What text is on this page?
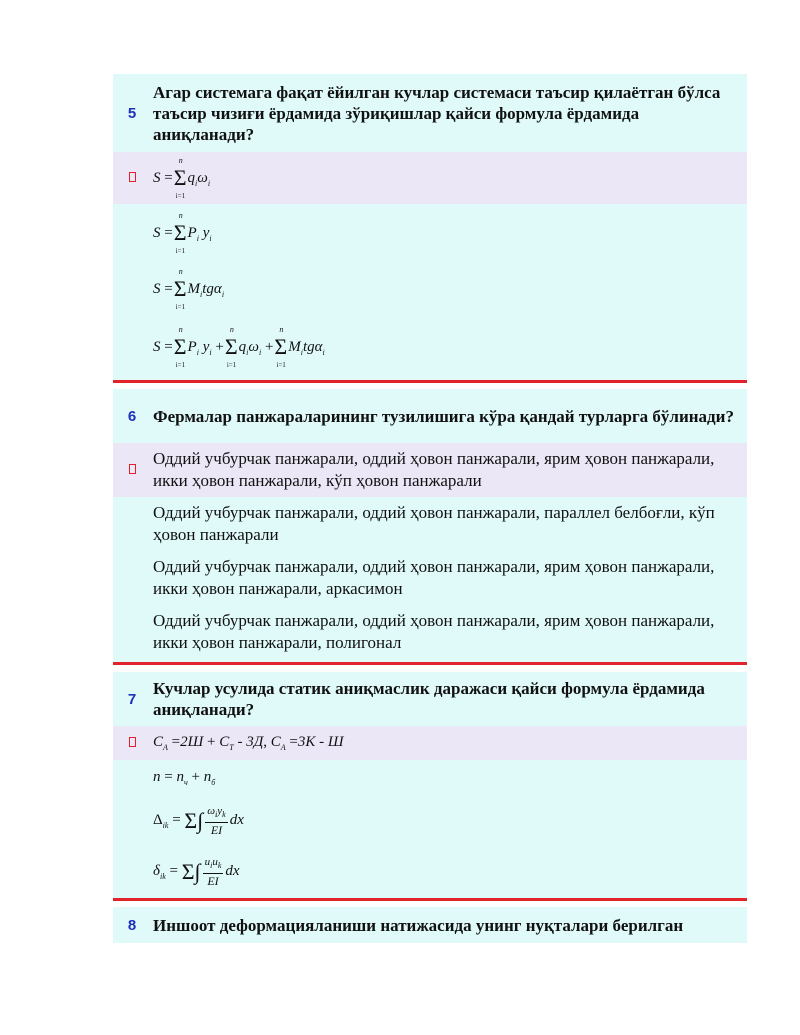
5
Агар системага фақат ёйилган кучлар системаси таъсир қилаётган бўлса таъсир чизиғи ёрдамида зўриқишлар қайси формула ёрдамида аниқланади?
S =Σ
n
i=1
$q_i\omega_i$
S =Σ
n
i=1
$P_i$ $y_i$
S =Σ
n
i=1
$M_itg\alpha_i$
S =Σ
n
i=1
$P_i$ $y_i +\Sigma$
n
i=1
$q_i\omega_i +\Sigma$
n
i=1
$M_itg\alpha_i$
6 Фермалар панжараларининг тузилишига кўра қандай турларга бўлинади?
Оддий учбурчак панжарали, оддий ҳовон панжарали, ярим ҳовон панжарали, икки ҳовон панжарали, кўп ҳовон панжарали
Оддий учбурчак панжарали, оддий ҳовон панжарали, параллел белбоғли, кўп ҳовон панжарали
Оддий учбурчак панжарали, оддий ҳовон панжарали, ярим ҳовон панжарали, икки ҳовон панжарали, аркасимон
Оддий учбурчак панжарали, оддий ҳовон панжарали, ярим ҳовон панжарали, икки ҳовон панжарали, полигонал
7
Кучлар усулида статик аниқмаслик даражаси қайси формула ёрдамида аниқланади?
$C_A =2Ш + C_T - 3Д$, $C_A =3К - Ш$
$n = n_ч + n_б$
$\Delta_{ik} = \Sigma\int \frac{\omega_iy_k}{EI}$ dx
$\delta_{ik} = \Sigma\int \frac{u_iu_k}{EI}$ dx
8 Иншоот деформацияланиши натижасида унинг нуқталари берилган
